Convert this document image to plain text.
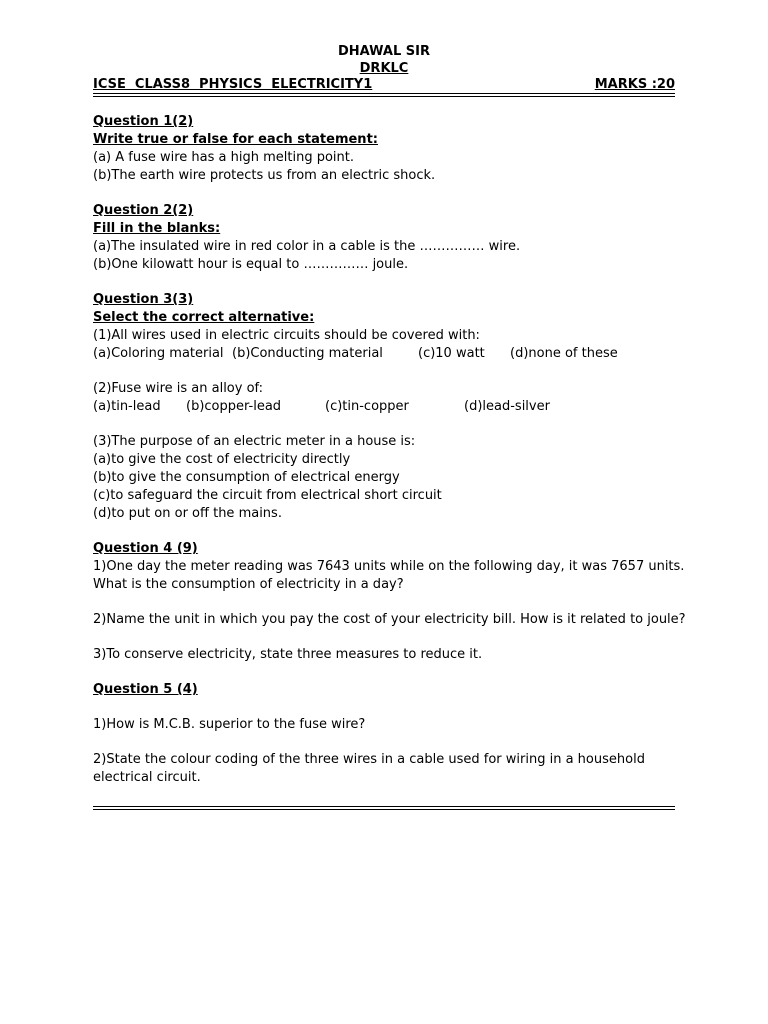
DHAWAL SIR
DRKLC
ICSE  CLASS8  PHYSICS  ELECTRICITY1	MARKS :20
Question 1(2)
Write true or false for each statement:
(a) A fuse wire has a high melting point.
(b)The earth wire protects us from an electric shock.
Question 2(2)
Fill in the blanks:
(a)The insulated wire in red color in a cable is the …………… wire.
(b)One kilowatt hour is equal to …………… joule.
Question 3(3)
Select the correct alternative:
(1)All wires used in electric circuits should be covered with:
(a)Coloring material (b)Conducting material	(c)10 watt	(d)none of these
(2)Fuse wire is an alloy of:
(a)tin-lead	(b)copper-lead	(c)tin-copper	(d)lead-silver
(3)The purpose of an electric meter in a house is:
(a)to give the cost of electricity directly
(b)to give the consumption of electrical energy
(c)to safeguard the circuit from electrical short circuit
(d)to put on or off the mains.
Question 4 (9)
1)One day the meter reading was 7643 units while on the following day, it was 7657 units.
What is the consumption of electricity in a day?
2)Name the unit in which you pay the cost of your electricity bill. How is it related to joule?
3)To conserve electricity, state three measures to reduce it.
Question 5 (4)
1)How is M.C.B. superior to the fuse wire?
2)State the colour coding of the three wires in a cable used for wiring in a household
electrical circuit.
